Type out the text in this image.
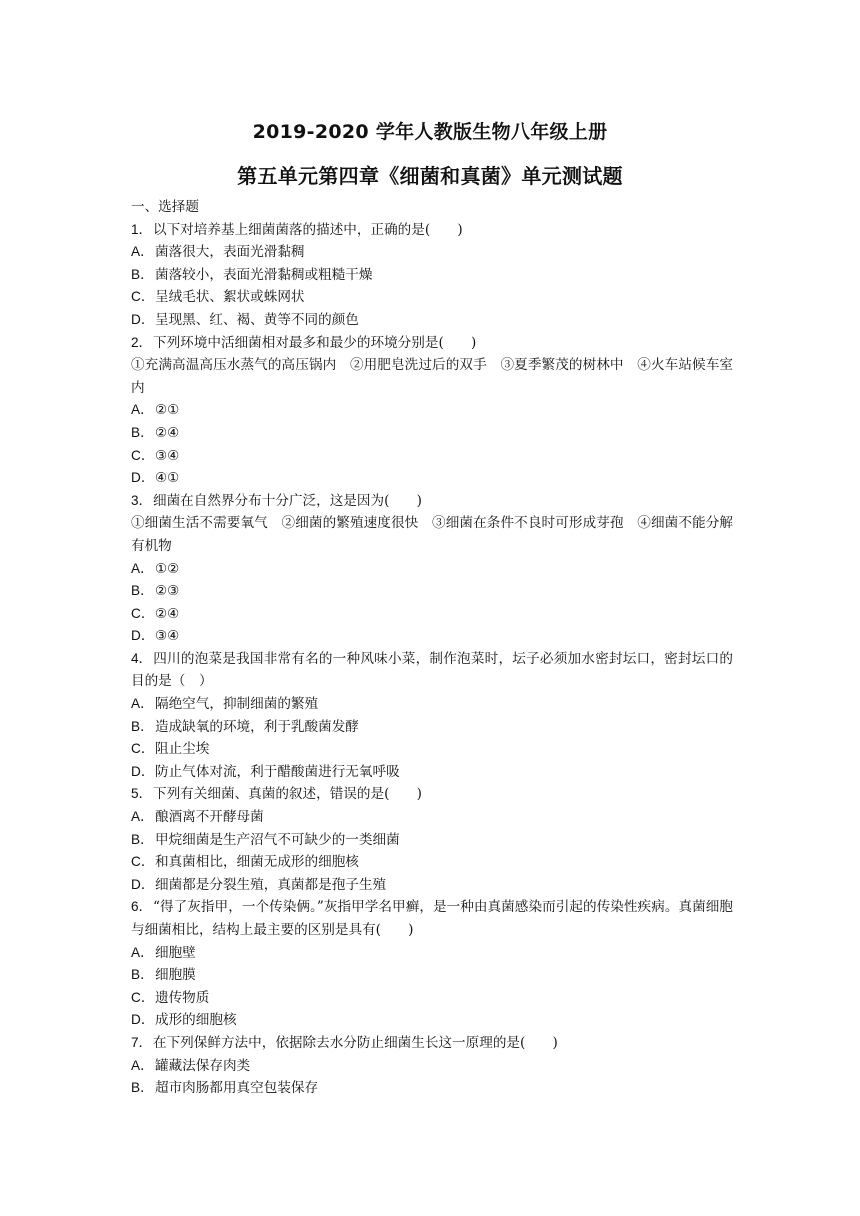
2019-2020 学年人教版生物八年级上册
第五单元第四章《细菌和真菌》单元测试题
一、选择题
1．以下对培养基上细菌菌落的描述中，正确的是(　　)
A．菌落很大，表面光滑黏稠
B．菌落较小，表面光滑黏稠或粗糙干燥
C．呈绒毛状、絮状或蛛网状
D．呈现黑、红、褐、黄等不同的颜色
2．下列环境中活细菌相对最多和最少的环境分别是(　　)
①充满高温高压水蒸气的高压锅内　②用肥皂洗过后的双手　③夏季繁茂的树林中　④火车站候车室内
A．②①
B．②④
C．③④
D．④①
3．细菌在自然界分布十分广泛，这是因为(　　)
①细菌生活不需要氧气　②细菌的繁殖速度很快　③细菌在条件不良时可形成芽孢　④细菌不能分解有机物
A．①②
B．②③
C．②④
D．③④
4．四川的泡菜是我国非常有名的一种风味小菜，制作泡菜时，坛子必须加水密封坛口，密封坛口的目的是（　）
A．隔绝空气，抑制细菌的繁殖
B．造成缺氧的环境，利于乳酸菌发酵
C．阻止尘埃
D．防止气体对流，利于醋酸菌进行无氧呼吸
5．下列有关细菌、真菌的叙述，错误的是(　　)
A．酿酒离不开酵母菌
B．甲烷细菌是生产沼气不可缺少的一类细菌
C．和真菌相比，细菌无成形的细胞核
D．细菌都是分裂生殖，真菌都是孢子生殖
6．“得了灰指甲，一个传染俩。”灰指甲学名甲癣，是一种由真菌感染而引起的传染性疾病。真菌细胞与细菌相比，结构上最主要的区别是具有(　　)
A．细胞壁
B．细胞膜
C．遗传物质
D．成形的细胞核
7．在下列保鲜方法中，依据除去水分防止细菌生长这一原理的是(　　)
A．罐藏法保存肉类
B．超市肉肠都用真空包装保存
